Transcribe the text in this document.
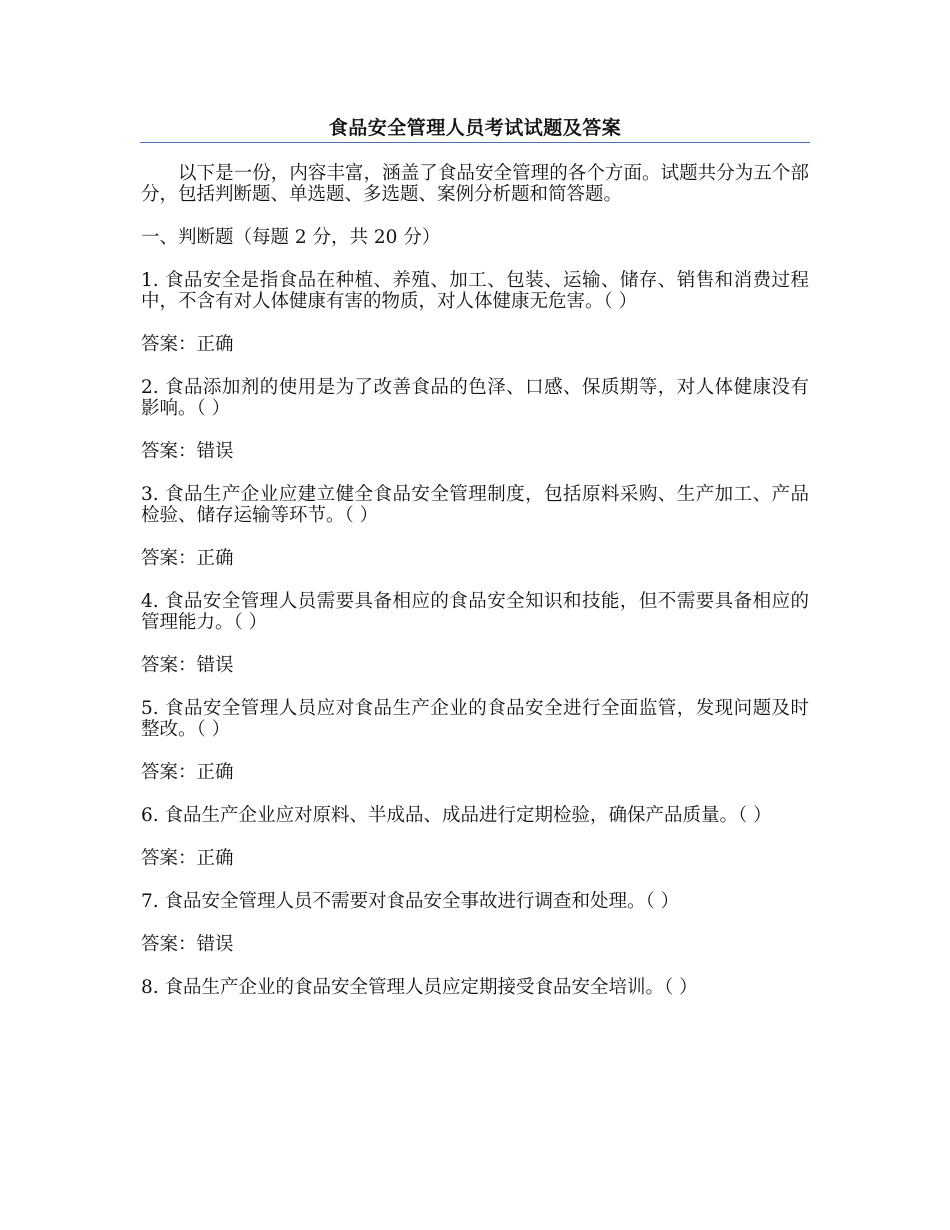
食品安全管理人员考试试题及答案

以下是一份，内容丰富，涵盖了食品安全管理的各个方面。试题共分为五个部分，包括判断题、单选题、多选题、案例分析题和简答题。

一、判断题（每题 2 分，共 20 分）

1. 食品安全是指食品在种植、养殖、加工、包装、运输、储存、销售和消费过程中，不含有对人体健康有害的物质，对人体健康无危害。（ ）

答案：正确

2. 食品添加剂的使用是为了改善食品的色泽、口感、保质期等，对人体健康没有影响。（ ）

答案：错误

3. 食品生产企业应建立健全食品安全管理制度，包括原料采购、生产加工、产品检验、储存运输等环节。（ ）

答案：正确

4. 食品安全管理人员需要具备相应的食品安全知识和技能，但不需要具备相应的管理能力。（ ）

答案：错误

5. 食品安全管理人员应对食品生产企业的食品安全进行全面监管，发现问题及时整改。（ ）

答案：正确

6. 食品生产企业应对原料、半成品、成品进行定期检验，确保产品质量。（ ）

答案：正确

7. 食品安全管理人员不需要对食品安全事故进行调查和处理。（ ）

答案：错误

8. 食品生产企业的食品安全管理人员应定期接受食品安全培训。（ ）
